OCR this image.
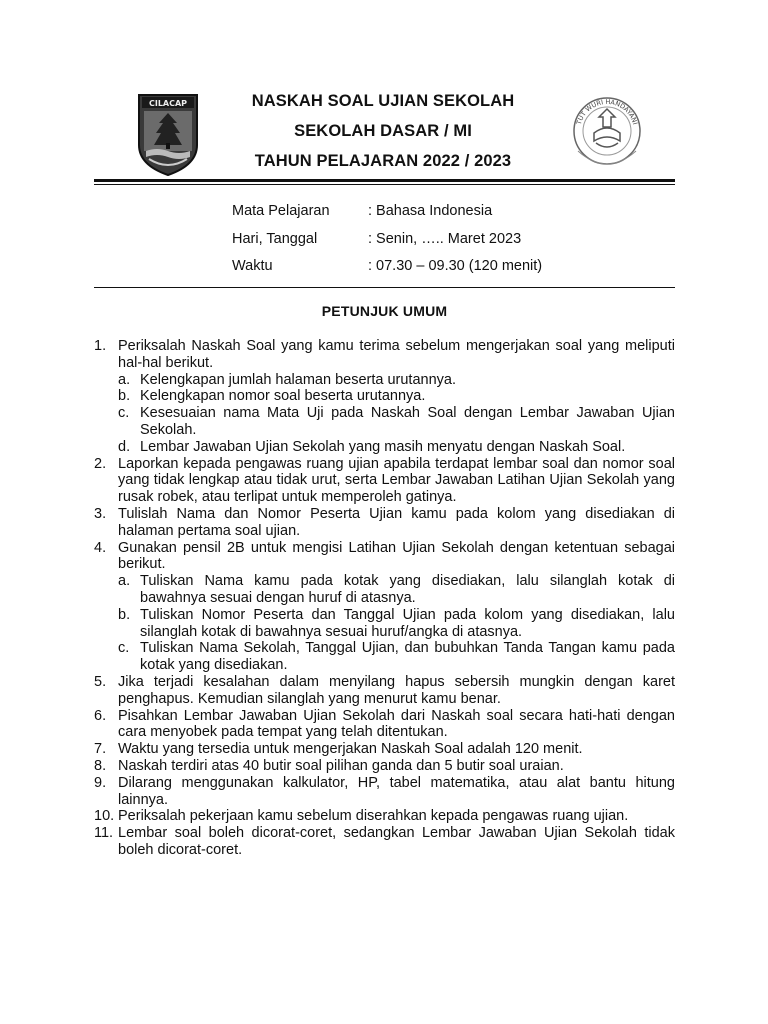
CILACAP
TUT WURI HANDAYANI
NASKAH SOAL UJIAN SEKOLAH
SEKOLAH DASAR / MI
TAHUN PELAJARAN 2022 / 2023
Mata Pelajaran	: Bahasa Indonesia
Hari, Tanggal	: Senin, ….. Maret 2023
Waktu	: 07.30 – 09.30 (120 menit)
PETUNJUK UMUM
1. Periksalah Naskah Soal yang kamu terima sebelum mengerjakan soal yang meliputi hal-hal berikut.
a. Kelengkapan jumlah halaman beserta urutannya.
b. Kelengkapan nomor soal beserta urutannya.
c. Kesesuaian nama Mata Uji pada Naskah Soal dengan Lembar Jawaban Ujian Sekolah.
d. Lembar Jawaban Ujian Sekolah yang masih menyatu dengan Naskah Soal.
2. Laporkan kepada pengawas ruang ujian apabila terdapat lembar soal dan nomor soal yang tidak lengkap atau tidak urut, serta Lembar Jawaban Latihan Ujian Sekolah yang rusak robek, atau terlipat untuk memperoleh gatinya.
3. Tulislah Nama dan Nomor Peserta Ujian kamu pada kolom yang disediakan di halaman pertama soal ujian.
4. Gunakan pensil 2B untuk mengisi Latihan Ujian Sekolah dengan ketentuan sebagai berikut.
a. Tuliskan Nama kamu pada kotak yang disediakan, lalu silanglah kotak di bawahnya sesuai dengan huruf di atasnya.
b. Tuliskan Nomor Peserta dan Tanggal Ujian pada kolom yang disediakan, lalu silanglah kotak di bawahnya sesuai huruf/angka di atasnya.
c. Tuliskan Nama Sekolah, Tanggal Ujian, dan bubuhkan Tanda Tangan kamu pada kotak yang disediakan.
5. Jika terjadi kesalahan dalam menyilang hapus sebersih mungkin dengan karet penghapus. Kemudian silanglah yang menurut kamu benar.
6. Pisahkan Lembar Jawaban Ujian Sekolah dari Naskah soal secara hati-hati dengan cara menyobek pada tempat yang telah ditentukan.
7. Waktu yang tersedia untuk mengerjakan Naskah Soal adalah 120 menit.
8. Naskah terdiri atas 40 butir soal pilihan ganda dan 5 butir soal uraian.
9. Dilarang menggunakan kalkulator, HP, tabel matematika, atau alat bantu hitung lainnya.
10. Periksalah pekerjaan kamu sebelum diserahkan kepada pengawas ruang ujian.
11. Lembar soal boleh dicorat-coret, sedangkan Lembar Jawaban Ujian Sekolah tidak boleh dicorat-coret.
